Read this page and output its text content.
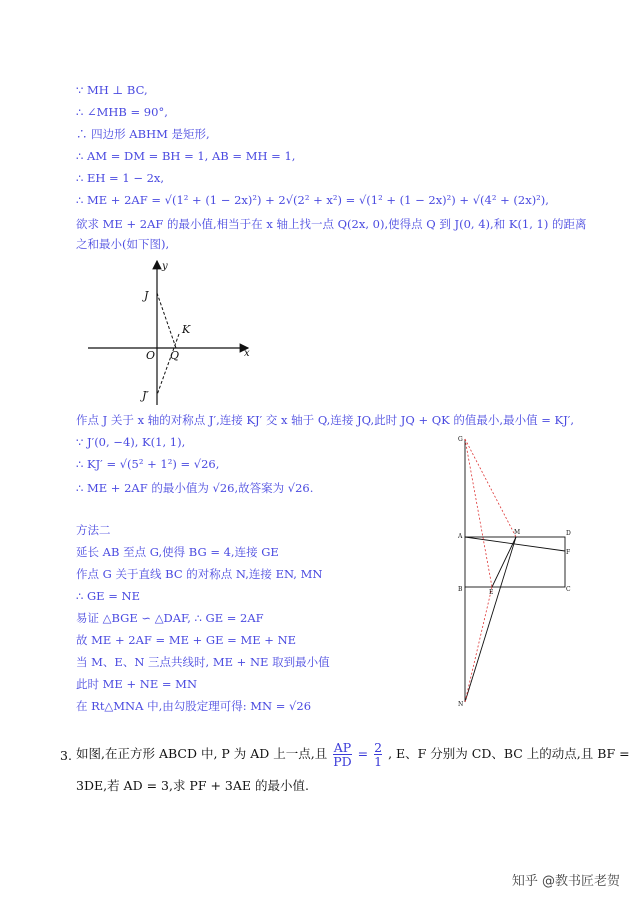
∵ MH ⊥ BC,
∴ ∠MHB = 90°,
∴ 四边形 ABHM 是矩形,
∴ AM = DM = BH = 1, AB = MH = 1,
∴ EH = 1 − 2x,
∴ ME + 2AF = √(1² + (1 − 2x)²) + 2√(2² + x²) = √(1² + (1 − 2x)²) + √(4² + (2x)²),
欲求 ME + 2AF 的最小值,相当于在 x 轴上找一点 Q(2x, 0),使得点 Q 到 J(0, 4),和 K(1, 1) 的距离
之和最小(如下图),
y
x
J
K
O Q
J′
作点 J 关于 x 轴的对称点 J′,连接 KJ′ 交 x 轴于 Q,连接 JQ,此时 JQ + QK 的值最小,最小值 = KJ′,
∵ J′(0, −4), K(1, 1),
∴ KJ′ = √(5² + 1²) = √26,
∴ ME + 2AF 的最小值为 √26,故答案为 √26.
方法二
延长 AB 至点 G,使得 BG = 4,连接 GE
作点 G 关于直线 BC 的对称点 N,连接 EN, MN
∴ GE = NE
易证 △BGE ∽ △DAF, ∴ GE = 2AF
故 ME + 2AF = ME + GE = ME + NE
当 M、E、N 三点共线时, ME + NE 取到最小值
此时 ME + NE = MN
在 Rt△MNA 中,由勾股定理可得: MN = √26
G
A
M	D
F
B	E	C
N
3. 如图,在正方形 ABCD 中, P 为 AD 上一点,且 $\frac{AP}{PD} = \frac{2}{1}$ , E、F 分别为 CD、BC 上的动点,且 BF =
3DE,若 AD = 3,求 PF + 3AE 的最小值.
知乎 @教书匠老贺
